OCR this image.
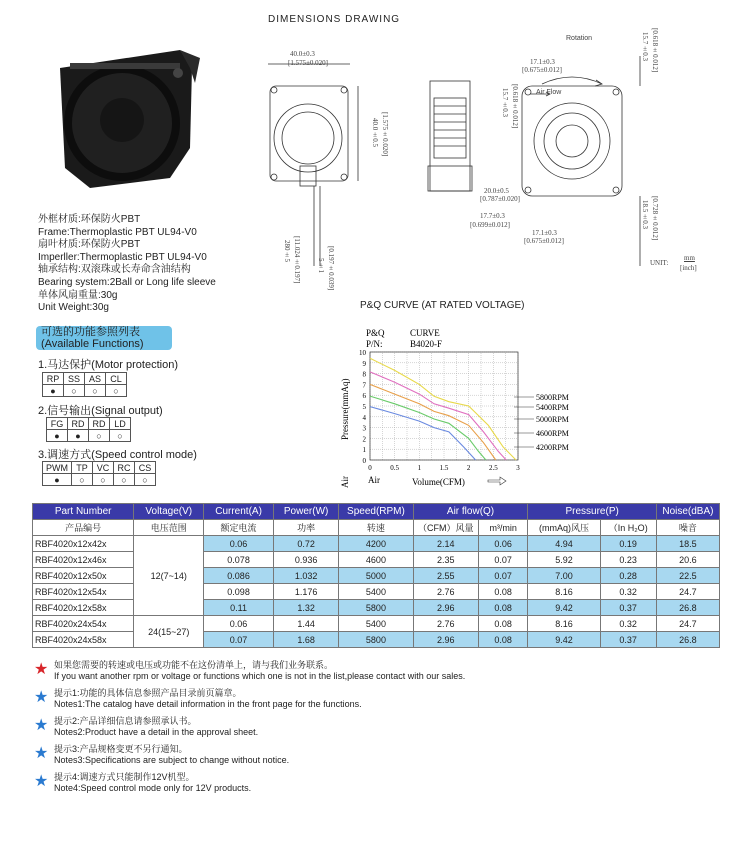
DIMENSIONS DRAWING
40.0±0.3
[1.575±0.020]
40.0±0.5 [1.575±0.020]
17.1±0.3
[0.675±0.012]
Rotation
Air Flow
15.7±0.3 [0.618±0.012]
15.7±0.3 [0.618±0.012]
20.0±0.5
[0.787±0.020]
17.7±0.3
[0.699±0.012]
17.1±0.3
[0.675±0.012]
18.5±0.3 [0.728±0.012]
280±5 [11.024±0.197] 5±1 [0.197±0.039]	UNIT:
mm
[inch]
外框材质:环保防火PBT
Frame:Thermoplastic PBT UL94-V0
扇叶材质:环保防火PBT
Imperller:Thermoplastic PBT UL94-V0
轴承结构:双滚珠或长寿命含油结构
Bearing system:2Ball or Long life sleeve
单体风扇重量:30g
Unit Weight:30g
可选的功能参照列表
(Available Functions)
1.马达保护(Motor protection)
RP	SS	AS	CL
●	○	○	○
2.信号输出(Signal output)
FG	RD	RD	LD
●	●	○	○
3.调速方式(Speed control mode)
PWM	TP	VC	RC	CS
●	○	○	○	○
P&Q CURVE (AT RATED VOLTAGE)
P&Q	CURVE
P/N:	B4020-F
Pressure(mmAq)
Air Air	Volume(CFM)
10
9
8
7
6
5
4
3
2
1
0
0	0.5	1	1.5	2	2.5	3
5800RPM
5400RPM
5000RPM
4600RPM
4200RPM
Part Number	Voltage(V)	Current(A)	Power(W)	Speed(RPM)	Air flow(Q)		Pressure(P)		Noise(dBA)
产品编号	电压范围	额定电流	功率	转速	（CFM）风量	m³/min	(mmAq)风压	（In H₂O)	噪音
RBF4020x12x42x	12(7~14)	0.06	0.72	4200	2.14	0.06	4.94	0.19	18.5
RBF4020x12x46x		0.078	0.936	4600	2.35	0.07	5.92	0.23	20.6
RBF4020x12x50x		0.086	1.032	5000	2.55	0.07	7.00	0.28	22.5
RBF4020x12x54x		0.098	1.176	5400	2.76	0.08	8.16	0.32	24.7
RBF4020x12x58x		0.11	1.32	5800	2.96	0.08	9.42	0.37	26.8
RBF4020x24x54x	24(15~27)	0.06	1.44	5400	2.76	0.08	8.16	0.32	24.7
RBF4020x24x58x		0.07	1.68	5800	2.96	0.08	9.42	0.37	26.8
★ 如果您需要的转速或电压或功能不在这份清单上，请与我们业务联系。
If you want another rpm or voltage or functions which one is not in the list,please contact with our sales.
★ 提示1:功能的具体信息参照产品目录前页篇章。
Notes1:The catalog have detail information in the front page for the functions.
★ 提示2:产品详细信息请参照承认书。
Notes2:Product have a detail in the approval sheet.
★ 提示3:产品规格变更不另行通知。
Notes3:Specifications are subject to change without notice.
★ 提示4:调速方式只能制作12V机型。
Note4:Speed control mode only for 12V products.
